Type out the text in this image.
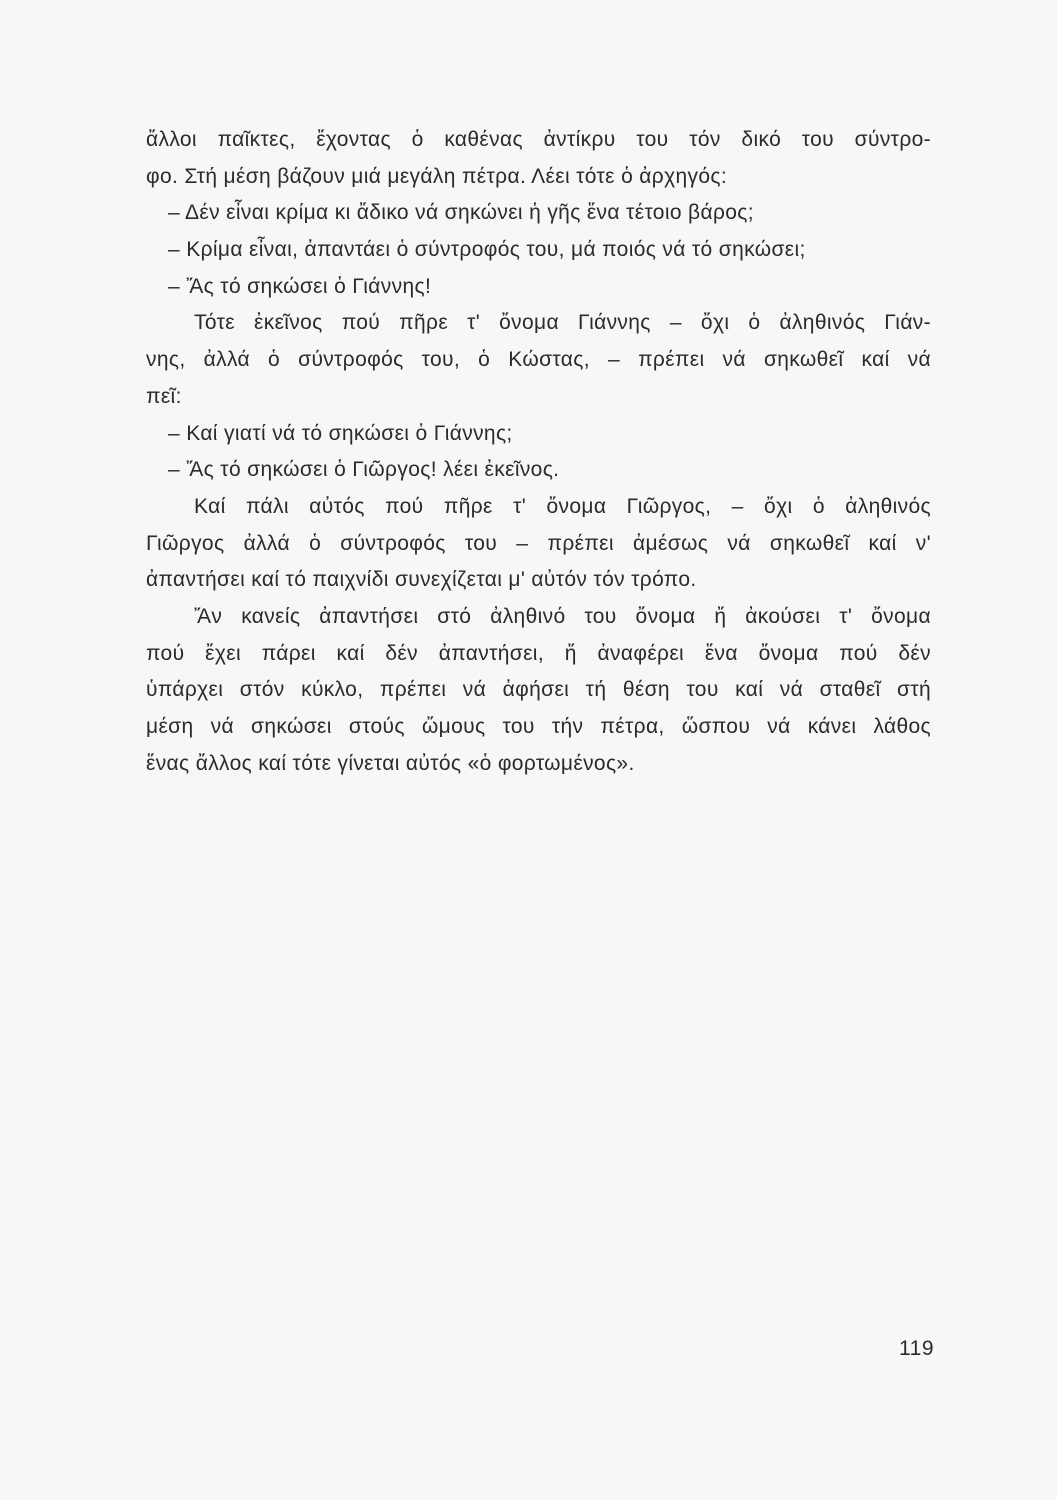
ἄλλοι παῖκτες, ἔχοντας ὁ καθένας ἀντίκρυ του τόν δικό του σύντρο-
φο. Στή μέση βάζουν μιά μεγάλη πέτρα. Λέει τότε ὁ ἀρχηγός:
– Δέν εἶναι κρίμα κι ἄδικο νά σηκώνει ἡ γῆς ἕνα τέτοιο βάρος;
– Κρίμα εἶναι, ἀπαντάει ὁ σύντροφός του, μά ποιός νά τό σηκώσει;
– Ἄς τό σηκώσει ὁ Γιάννης!
Τότε ἐκεῖνος πού πῆρε τ' ὄνομα Γιάννης – ὄχι ὁ ἀληθινός Γιάν-
νης, ἀλλά ὁ σύντροφός του, ὁ Κώστας, – πρέπει νά σηκωθεῖ καί νά
πεῖ:
– Καί γιατί νά τό σηκώσει ὁ Γιάννης;
– Ἄς τό σηκώσει ὁ Γιῶργος! λέει ἐκεῖνος.
Καί πάλι αὐτός πού πῆρε τ' ὄνομα Γιῶργος, – ὄχι ὁ ἀληθινός
Γιῶργος ἀλλά ὁ σύντροφός του – πρέπει ἀμέσως νά σηκωθεῖ καί ν'
ἀπαντήσει καί τό παιχνίδι συνεχίζεται μ' αὐτόν τόν τρόπο.
Ἄν κανείς ἀπαντήσει στό ἀληθινό του ὄνομα ἤ ἀκούσει τ' ὄνομα
πού ἔχει πάρει καί δέν ἀπαντήσει, ἤ ἀναφέρει ἕνα ὄνομα πού δέν
ὑπάρχει στόν κύκλο, πρέπει νά ἀφήσει τή θέση του καί νά σταθεῖ στή
μέση νά σηκώσει στούς ὤμους του τήν πέτρα, ὥσπου νά κάνει λάθος
ἕνας ἄλλος καί τότε γίνεται αὐτός «ὁ φορτωμένος».
119
